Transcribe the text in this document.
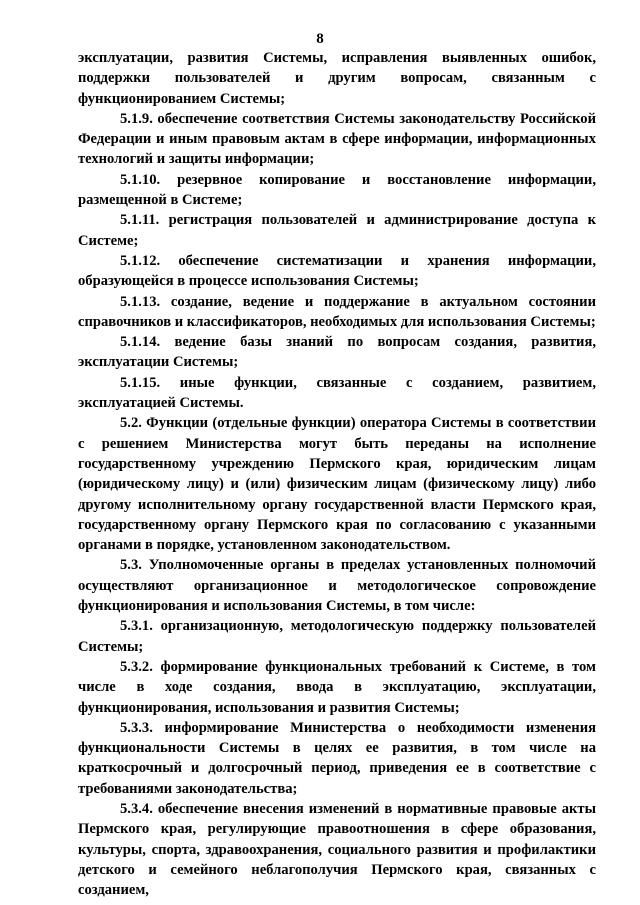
8

эксплуатации, развития Системы, исправления выявленных ошибок, поддержки пользователей и другим вопросам, связанным с функционированием Системы;

5.1.9. обеспечение соответствия Системы законодательству Российской Федерации и иным правовым актам в сфере информации, информационных технологий и защиты информации;

5.1.10. резервное копирование и восстановление информации, размещенной в Системе;

5.1.11. регистрация пользователей и администрирование доступа к Системе;

5.1.12. обеспечение систематизации и хранения информации, образующейся в процессе использования Системы;

5.1.13. создание, ведение и поддержание в актуальном состоянии справочников и классификаторов, необходимых для использования Системы;

5.1.14. ведение базы знаний по вопросам создания, развития, эксплуатации Системы;

5.1.15. иные функции, связанные с созданием, развитием, эксплуатацией Системы.

5.2. Функции (отдельные функции) оператора Системы в соответствии с решением Министерства могут быть переданы на исполнение государственному учреждению Пермского края, юридическим лицам (юридическому лицу) и (или) физическим лицам (физическому лицу) либо другому исполнительному органу государственной власти Пермского края, государственному органу Пермского края по согласованию с указанными органами в порядке, установленном законодательством.

5.3. Уполномоченные органы в пределах установленных полномочий осуществляют организационное и методологическое сопровождение функционирования и использования Системы, в том числе:

5.3.1. организационную, методологическую поддержку пользователей Системы;

5.3.2. формирование функциональных требований к Системе, в том числе в ходе создания, ввода в эксплуатацию, эксплуатации, функционирования, использования и развития Системы;

5.3.3. информирование Министерства о необходимости изменения функциональности Системы в целях ее развития, в том числе на краткосрочный и долгосрочный период, приведения ее в соответствие с требованиями законодательства;

5.3.4. обеспечение внесения изменений в нормативные правовые акты Пермского края, регулирующие правоотношения в сфере образования, культуры, спорта, здравоохранения, социального развития и профилактики детского и семейного неблагополучия Пермского края, связанных с созданием,
